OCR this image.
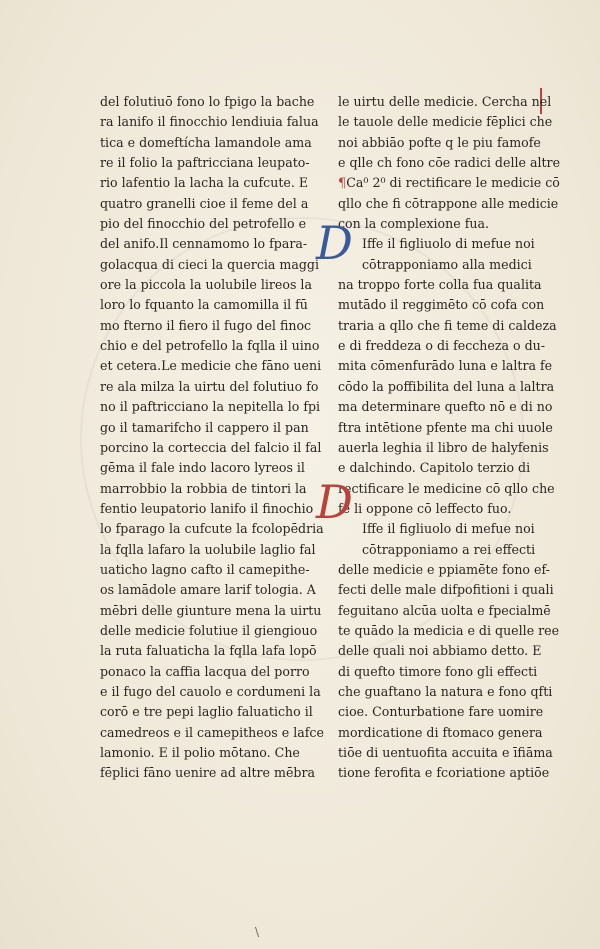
del folutiuō fono lo fpigo la bache
ra lanifo il finocchio lendiuia faluа
tica e domeftícha lamandole ama
re il folio la paftricciana leupato-
rio lafentio la lacha la cufcute. E
quatro granelli cioe il feme del a
pio del finocchio del petrofello e
del anifo.Il cennamomo lo fpara-
golacqua di cieci la quercia maggi
ore la piccola la uolubile lireos la
loro lo fquanto la camomilla il fū
mo fterno il fiero il fugo del finoc
chio e del petrofello la fqlla il uino
et cetera.Le medicie che fāno ueni
re ala milza la uirtu del folutiuo fo
no il paftricciano la nepitella lo fpi
go il tamarifcho il cappero il pan
porcino la corteccia del falcio il fal
gēma il fale indo lacoro lyreos il
marrobbio la robbia de tintori la
fentio leupatorio lanifo il finochio
lo fparago la cufcute la fcolopēdria
la fqlla lafaro la uolubile laglio fal
uaticho lagno cafto il camepithe-
os lamādole amare larif tologia. A
mēbri delle giunture mena la uirtu
delle medicie folutiue il giengiouo
la ruta faluaticha la fqlla lafa lopō
ponaco la caffia lacqua del porro
e il fugo del cauolo e cordumeni la
corō e tre pepi laglio faluaticho il
camedreos e il camepitheos e lafce
lamonio. E il polio mōtano. Che
fēplici fāno uenire ad altre mēbra
le uirtu delle medicie. Cercha nel
le tauole delle medicie fēplici che
noi abbiāo pofte q le piu famofe
e qlle ch fono cōe radici delle altre
¶Ca⁰ 2⁰ di rectificare le medicie cō
qllo che fi cōtrappone alle medicie
con la complexione fua.
Iffe il figliuolo di mefue noi
cōtrapponiamo alla medici
na troppo forte colla fua qualita
mutādo il reggimēto cō cofa con
traria a qllo che fi teme di caldeza
e di freddeza o di feccheza o du-
mita cōmenfurādo luna e laltra fe
cōdo la poffibilita del luna a laltra
ma determinare quefto nō e di no
ftra intētione pfente ma chi uuole
auerla leghia il libro de halyfenis
e dalchindo. Capitolo terzio di
rectificare le medicine cō qllo che
fe li oppone cō leffecto fuo.
Iffe il figliuolo di mefue noi
cōtrapponiamo a rei effecti
delle medicie e ppiamēte fono ef-
fecti delle male difpofitioni i quali
feguitano alcūa uolta e fpecialmē
te quādo la medicia e di quelle ree
delle quali noi abbiamo detto. E
di quefto timore fono gli effecti
che guaftano la natura e fono qfti
cioe. Conturbatione fare uomire
mordicatione di ftomaco genera
tiōe di uentuofita accuita e īfiāma
tione ferofita e fcoriatione aptiōe
D
D
\
